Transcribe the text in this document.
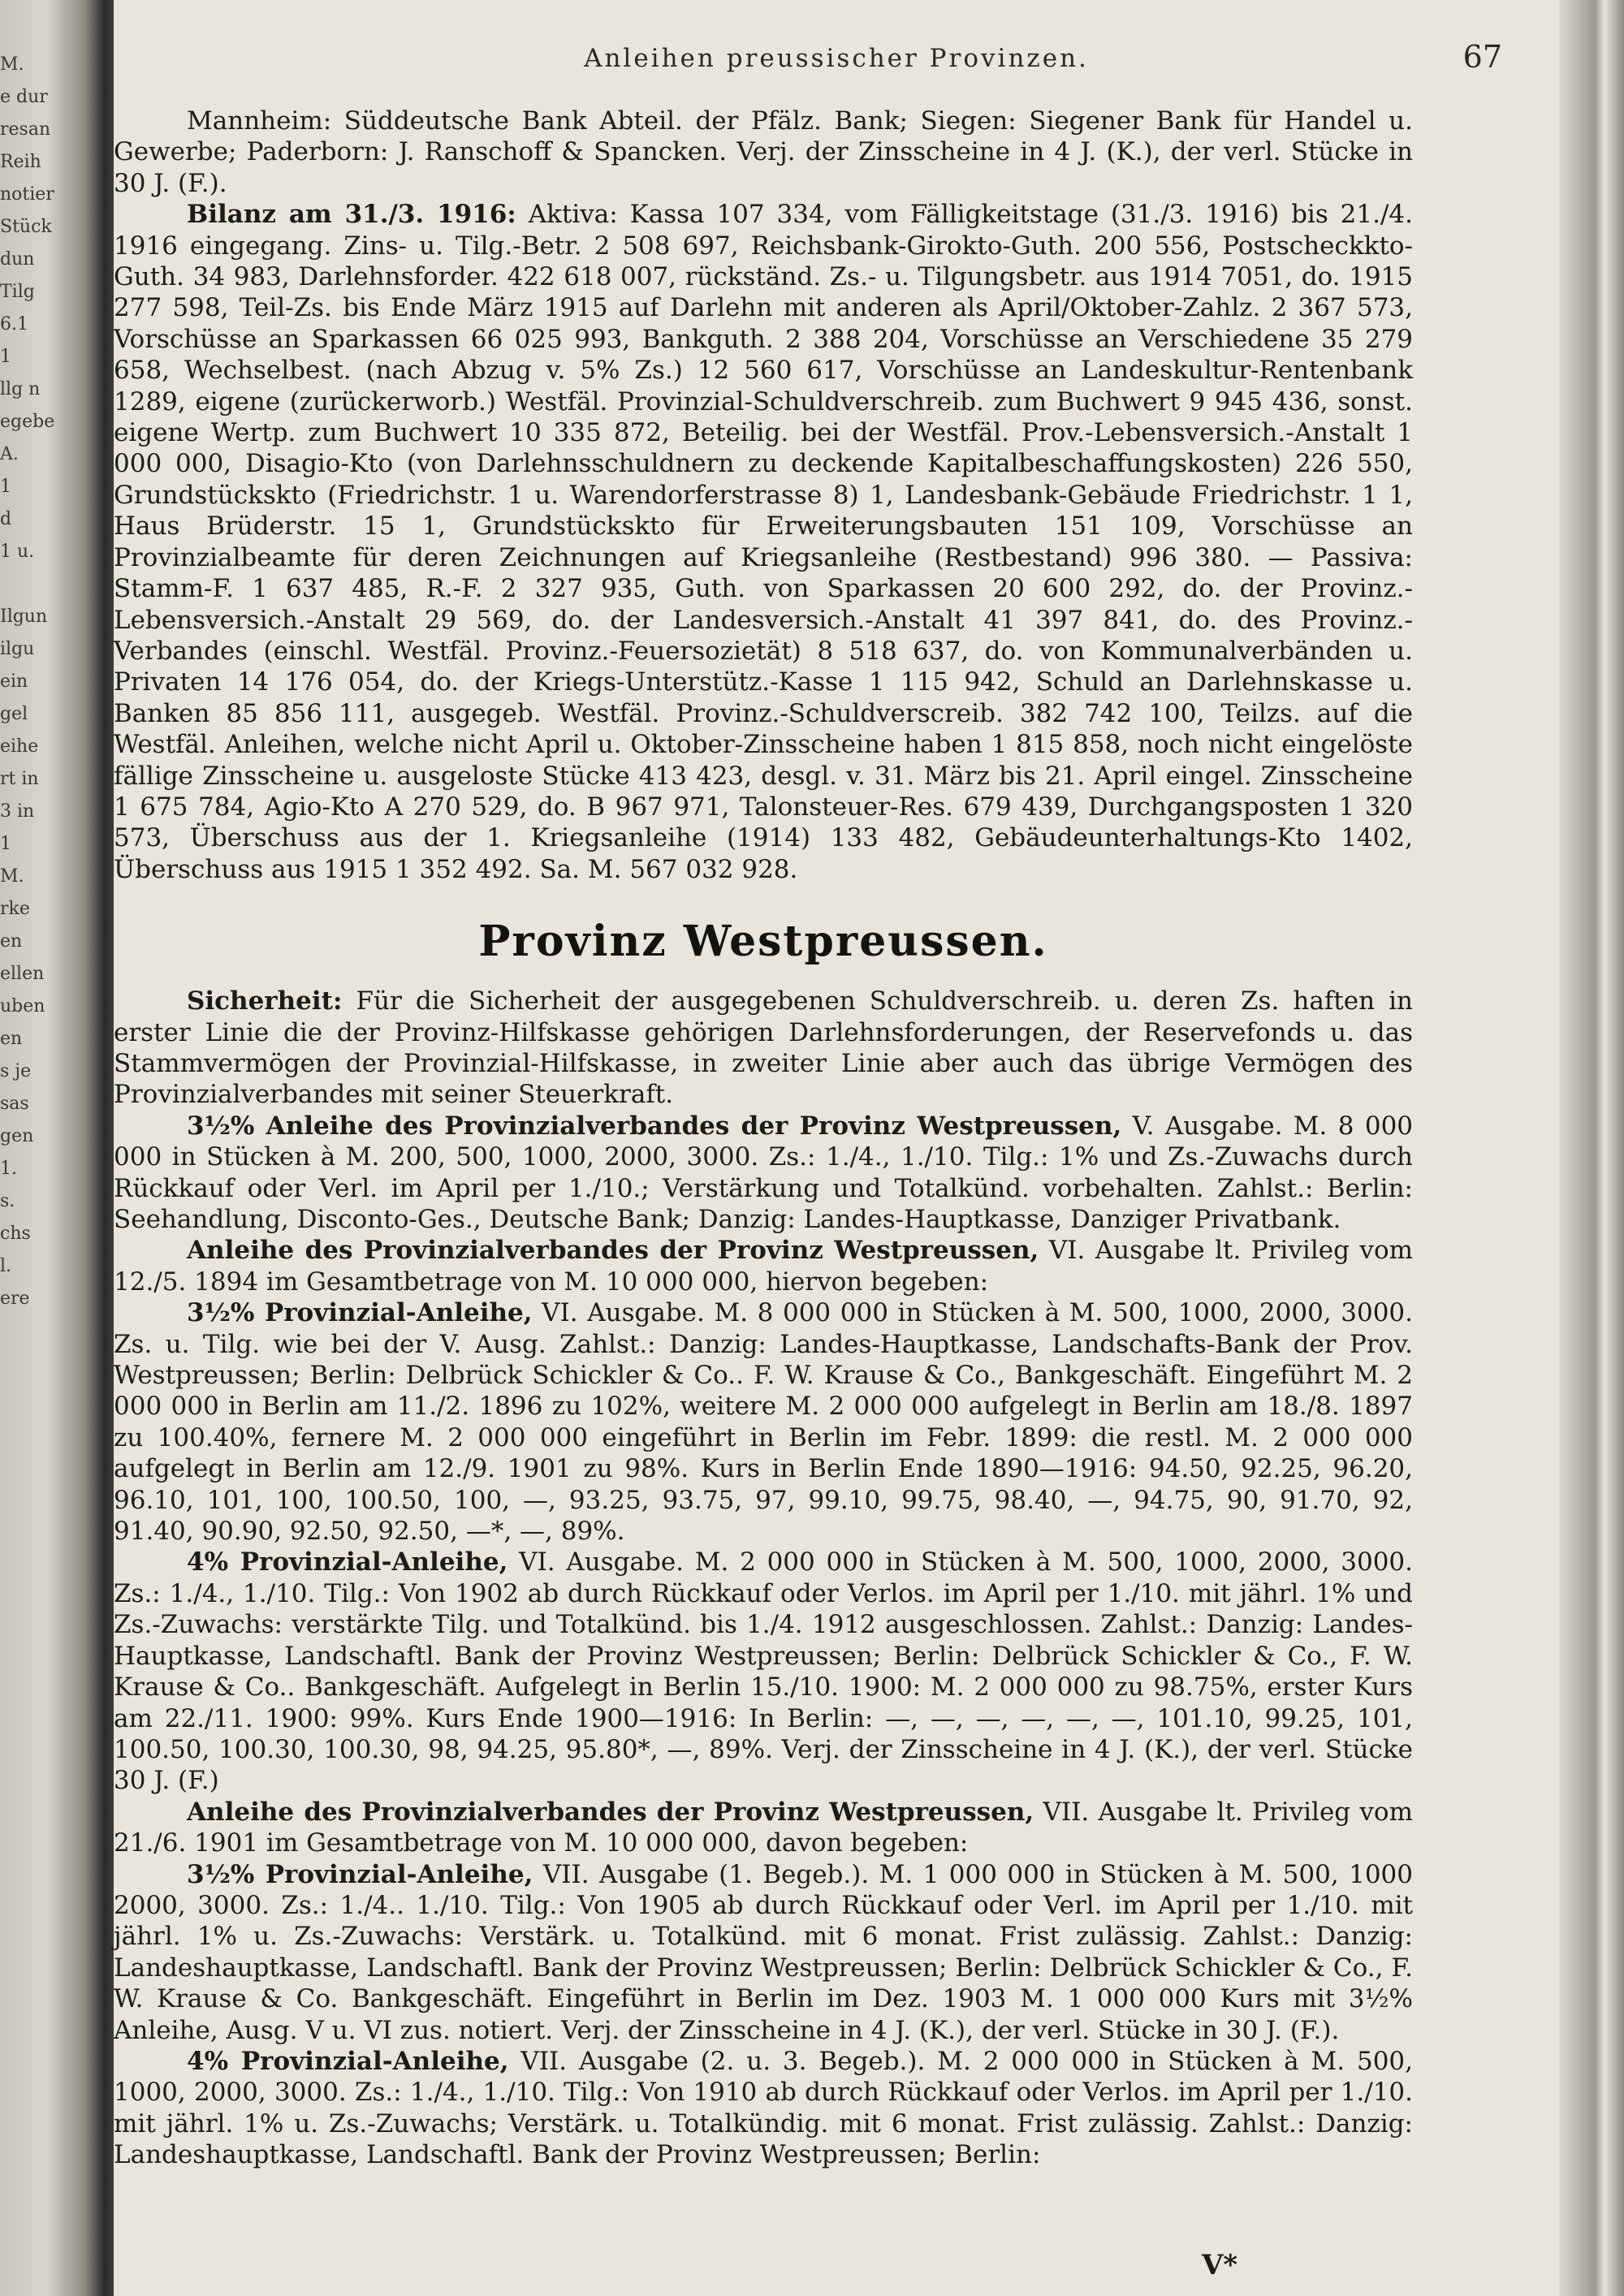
M.
e dur
resan
Reih
notier
Stück
dun
Tilg
6.1
1
llg n
egebe
A.
1
d
1 u.

Ilgun
ilgu
ein
gel
eihe
rt in
3 in
1
M.
rke
en
ellen
uben
en
s je
sas
gen
1.
s.
chs
l.
ere
Anleihen preussischer Provinzen.	67

Mannheim: Süddeutsche Bank Abteil. der Pfälz. Bank; Siegen: Siegener Bank für Handel u. Gewerbe; Paderborn: J. Ranschoff & Spancken. Verj. der Zinsscheine in 4 J. (K.), der verl. Stücke in 30 J. (F.).

Bilanz am 31./3. 1916: Aktiva: Kassa 107 334, vom Fälligkeitstage (31./3. 1916) bis 21./4. 1916 eingegang. Zins- u. Tilg.-Betr. 2 508 697, Reichsbank-Girokto-Guth. 200 556, Postscheckkto-Guth. 34 983, Darlehnsforder. 422 618 007, rückständ. Zs.- u. Tilgungsbetr. aus 1914 7051, do. 1915 277 598, Teil-Zs. bis Ende März 1915 auf Darlehn mit anderen als April/Oktober-Zahlz. 2 367 573, Vorschüsse an Sparkassen 66 025 993, Bankguth. 2 388 204, Vorschüsse an Verschiedene 35 279 658, Wechselbest. (nach Abzug v. 5% Zs.) 12 560 617, Vorschüsse an Landeskultur-Rentenbank 1289, eigene (zurückerworb.) Westfäl. Provinzial-Schuldverschreib. zum Buchwert 9 945 436, sonst. eigene Wertp. zum Buchwert 10 335 872, Beteilig. bei der Westfäl. Prov.-Lebensversich.-Anstalt 1 000 000, Disagio-Kto (von Darlehnsschuldnern zu deckende Kapitalbeschaffungskosten) 226 550, Grundstückskto (Friedrichstr. 1 u. Warendorferstrasse 8) 1, Landesbank-Gebäude Friedrichstr. 1 1, Haus Brüderstr. 15 1, Grundstückskto für Erweiterungsbauten 151 109, Vorschüsse an Provinzialbeamte für deren Zeichnungen auf Kriegsanleihe (Restbestand) 996 380. — Passiva: Stamm-F. 1 637 485, R.-F. 2 327 935, Guth. von Sparkassen 20 600 292, do. der Provinz.-Lebensversich.-Anstalt 29 569, do. der Landesversich.-Anstalt 41 397 841, do. des Provinz.-Verbandes (einschl. Westfäl. Provinz.-Feuersozietät) 8 518 637, do. von Kommunalverbänden u. Privaten 14 176 054, do. der Kriegs-Unterstütz.-Kasse 1 115 942, Schuld an Darlehnskasse u. Banken 85 856 111, ausgegeb. Westfäl. Provinz.-Schuldverscreib. 382 742 100, Teilzs. auf die Westfäl. Anleihen, welche nicht April u. Oktober-Zinsscheine haben 1 815 858, noch nicht eingelöste fällige Zinsscheine u. ausgeloste Stücke 413 423, desgl. v. 31. März bis 21. April eingel. Zinsscheine 1 675 784, Agio-Kto A 270 529, do. B 967 971, Talonsteuer-Res. 679 439, Durchgangsposten 1 320 573, Überschuss aus der 1. Kriegsanleihe (1914) 133 482, Gebäudeunterhaltungs-Kto 1402, Überschuss aus 1915 1 352 492. Sa. M. 567 032 928.

Provinz Westpreussen.

Sicherheit: Für die Sicherheit der ausgegebenen Schuldverschreib. u. deren Zs. haften in erster Linie die der Provinz-Hilfskasse gehörigen Darlehnsforderungen, der Reservefonds u. das Stammvermögen der Provinzial-Hilfskasse, in zweiter Linie aber auch das übrige Vermögen des Provinzialverbandes mit seiner Steuerkraft.

3½% Anleihe des Provinzialverbandes der Provinz Westpreussen, V. Ausgabe. M. 8 000 000 in Stücken à M. 200, 500, 1000, 2000, 3000. Zs.: 1./4., 1./10. Tilg.: 1% und Zs.-Zuwachs durch Rückkauf oder Verl. im April per 1./10.; Verstärkung und Totalkünd. vorbehalten. Zahlst.: Berlin: Seehandlung, Disconto-Ges., Deutsche Bank; Danzig: Landes-Hauptkasse, Danziger Privatbank.

Anleihe des Provinzialverbandes der Provinz Westpreussen, VI. Ausgabe lt. Privileg vom 12./5. 1894 im Gesamtbetrage von M. 10 000 000, hiervon begeben:

3½% Provinzial-Anleihe, VI. Ausgabe. M. 8 000 000 in Stücken à M. 500, 1000, 2000, 3000. Zs. u. Tilg. wie bei der V. Ausg. Zahlst.: Danzig: Landes-Hauptkasse, Landschafts-Bank der Prov. Westpreussen; Berlin: Delbrück Schickler & Co.. F. W. Krause & Co., Bankgeschäft. Eingeführt M. 2 000 000 in Berlin am 11./2. 1896 zu 102%, weitere M. 2 000 000 aufgelegt in Berlin am 18./8. 1897 zu 100.40%, fernere M. 2 000 000 eingeführt in Berlin im Febr. 1899: die restl. M. 2 000 000 aufgelegt in Berlin am 12./9. 1901 zu 98%. Kurs in Berlin Ende 1890—1916: 94.50, 92.25, 96.20, 96.10, 101, 100, 100.50, 100, —, 93.25, 93.75, 97, 99.10, 99.75, 98.40, —, 94.75, 90, 91.70, 92, 91.40, 90.90, 92.50, 92.50, —*, —, 89%.

4% Provinzial-Anleihe, VI. Ausgabe. M. 2 000 000 in Stücken à M. 500, 1000, 2000, 3000. Zs.: 1./4., 1./10. Tilg.: Von 1902 ab durch Rückkauf oder Verlos. im April per 1./10. mit jährl. 1% und Zs.-Zuwachs: verstärkte Tilg. und Totalkünd. bis 1./4. 1912 ausgeschlossen. Zahlst.: Danzig: Landes-Hauptkasse, Landschaftl. Bank der Provinz Westpreussen; Berlin: Delbrück Schickler & Co., F. W. Krause & Co.. Bankgeschäft. Aufgelegt in Berlin 15./10. 1900: M. 2 000 000 zu 98.75%, erster Kurs am 22./11. 1900: 99%. Kurs Ende 1900—1916: In Berlin: —, —, —, —, —, —, 101.10, 99.25, 101, 100.50, 100.30, 100.30, 98, 94.25, 95.80*, —, 89%. Verj. der Zinsscheine in 4 J. (K.), der verl. Stücke 30 J. (F.)

Anleihe des Provinzialverbandes der Provinz Westpreussen, VII. Ausgabe lt. Privileg vom 21./6. 1901 im Gesamtbetrage von M. 10 000 000, davon begeben:

3½% Provinzial-Anleihe, VII. Ausgabe (1. Begeb.). M. 1 000 000 in Stücken à M. 500, 1000 2000, 3000. Zs.: 1./4.. 1./10. Tilg.: Von 1905 ab durch Rückkauf oder Verl. im April per 1./10. mit jährl. 1% u. Zs.-Zuwachs: Verstärk. u. Totalkünd. mit 6 monat. Frist zulässig. Zahlst.: Danzig: Landeshauptkasse, Landschaftl. Bank der Provinz Westpreussen; Berlin: Delbrück Schickler & Co., F. W. Krause & Co. Bankgeschäft. Eingeführt in Berlin im Dez. 1903 M. 1 000 000 Kurs mit 3½% Anleihe, Ausg. V u. VI zus. notiert. Verj. der Zinsscheine in 4 J. (K.), der verl. Stücke in 30 J. (F.).

4% Provinzial-Anleihe, VII. Ausgabe (2. u. 3. Begeb.). M. 2 000 000 in Stücken à M. 500, 1000, 2000, 3000. Zs.: 1./4., 1./10. Tilg.: Von 1910 ab durch Rückkauf oder Verlos. im April per 1./10. mit jährl. 1% u. Zs.-Zuwachs; Verstärk. u. Totalkündig. mit 6 monat. Frist zulässig. Zahlst.: Danzig: Landeshauptkasse, Landschaftl. Bank der Provinz Westpreussen; Berlin:

V*
